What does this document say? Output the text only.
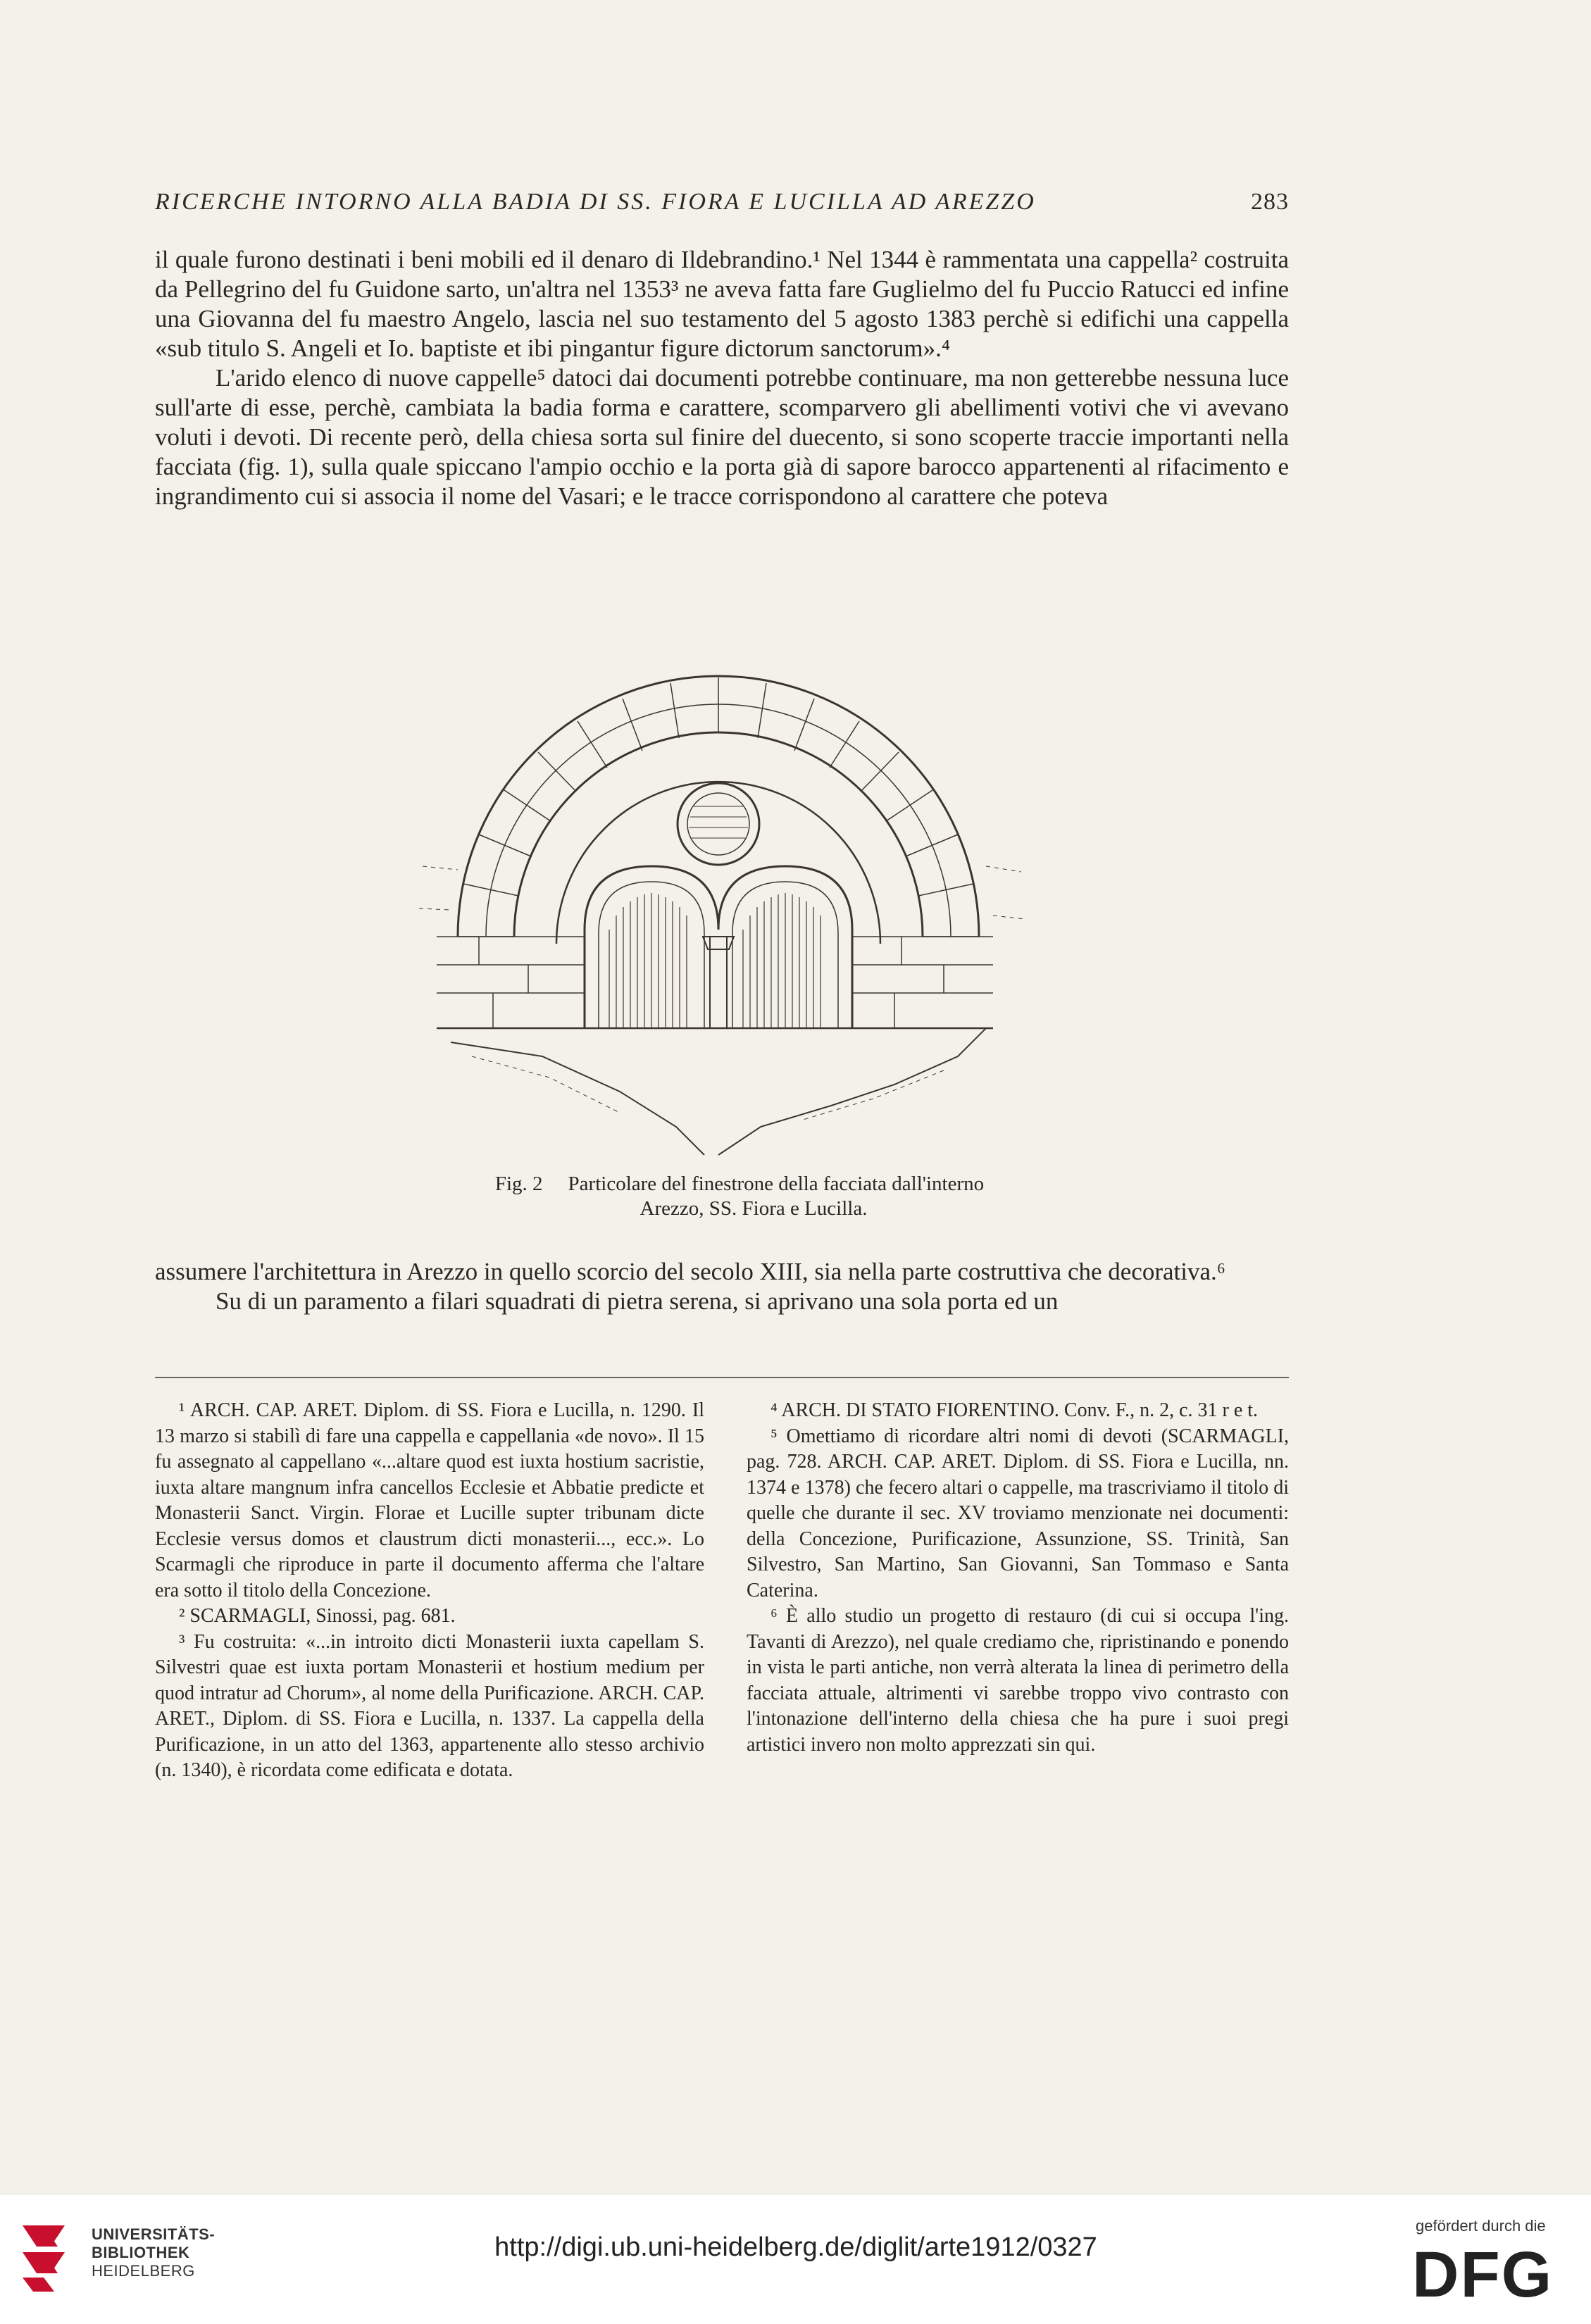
RICERCHE INTORNO ALLA BADIA DI SS. FIORA E LUCILLA AD AREZZO	283

il quale furono destinati i beni mobili ed il denaro di Ildebrandino.¹ Nel 1344 è rammentata una cappella² costruita da Pellegrino del fu Guidone sarto, un'altra nel 1353³ ne aveva fatta fare Guglielmo del fu Puccio Ratucci ed infine una Giovanna del fu maestro Angelo, lascia nel suo testamento del 5 agosto 1383 perchè si edifichi una cappella «sub titulo S. Angeli et Io. baptiste et ibi pingantur figure dictorum sanctorum».⁴

L'arido elenco di nuove cappelle⁵ datoci dai documenti potrebbe continuare, ma non getterebbe nessuna luce sull'arte di esse, perchè, cambiata la badia forma e carattere, scomparvero gli abellimenti votivi che vi avevano voluti i devoti. Di recente però, della chiesa sorta sul finire del duecento, si sono scoperte traccie importanti nella facciata (fig. 1), sulla quale spiccano l'ampio occhio e la porta già di sapore barocco appartenenti al rifacimento e ingrandimento cui si associa il nome del Vasari; e le tracce corrispondono al carattere che poteva

Fig. 2 Particolare del finestrone della facciata dall'interno
Arezzo, SS. Fiora e Lucilla.

assumere l'architettura in Arezzo in quello scorcio del secolo XIII, sia nella parte costruttiva che decorativa.⁶

Su di un paramento a filari squadrati di pietra serena, si aprivano una sola porta ed un

¹ ARCH. CAP. ARET. Diplom. di SS. Fiora e Lucilla, n. 1290. Il 13 marzo si stabilì di fare una cappella e cappellania «de novo». Il 15 fu assegnato al cappellano «...altare quod est iuxta hostium sacristie, iuxta altare mangnum infra cancellos Ecclesie et Abbatie predicte et Monasterii Sanct. Virgin. Florae et Lucille supter tribunam dicte Ecclesie versus domos et claustrum dicti monasterii..., ecc.». Lo Scarmagli che riproduce in parte il documento afferma che l'altare era sotto il titolo della Concezione.

² SCARMAGLI, Sinossi, pag. 681.

³ Fu costruita: «...in introito dicti Monasterii iuxta capellam S. Silvestri quae est iuxta portam Monasterii et hostium medium per quod intratur ad Chorum», al nome della Purificazione. ARCH. CAP. ARET., Diplom. di SS. Fiora e Lucilla, n. 1337. La cappella della Purificazione, in un atto del 1363, appartenente allo stesso archivio (n. 1340), è ricordata come edificata e dotata.

⁴ ARCH. DI STATO FIORENTINO. Conv. F., n. 2, c. 31 r e t.

⁵ Omettiamo di ricordare altri nomi di devoti (SCARMAGLI, pag. 728. ARCH. CAP. ARET. Diplom. di SS. Fiora e Lucilla, nn. 1374 e 1378) che fecero altari o cappelle, ma trascriviamo il titolo di quelle che durante il sec. XV troviamo menzionate nei documenti: della Concezione, Purificazione, Assunzione, SS. Trinità, San Silvestro, San Martino, San Giovanni, San Tommaso e Santa Caterina.

⁶ È allo studio un progetto di restauro (di cui si occupa l'ing. Tavanti di Arezzo), nel quale crediamo che, ripristinando e ponendo in vista le parti antiche, non verrà alterata la linea di perimetro della facciata attuale, altrimenti vi sarebbe troppo vivo contrasto con l'intonazione dell'interno della chiesa che ha pure i suoi pregi artistici invero non molto apprezzati sin qui.

UNIVERSITÄTS-
BIBLIOTHEK
HEIDELBERG
http://digi.ub.uni-heidelberg.de/diglit/arte1912/0327
gefördert durch die
DFG
